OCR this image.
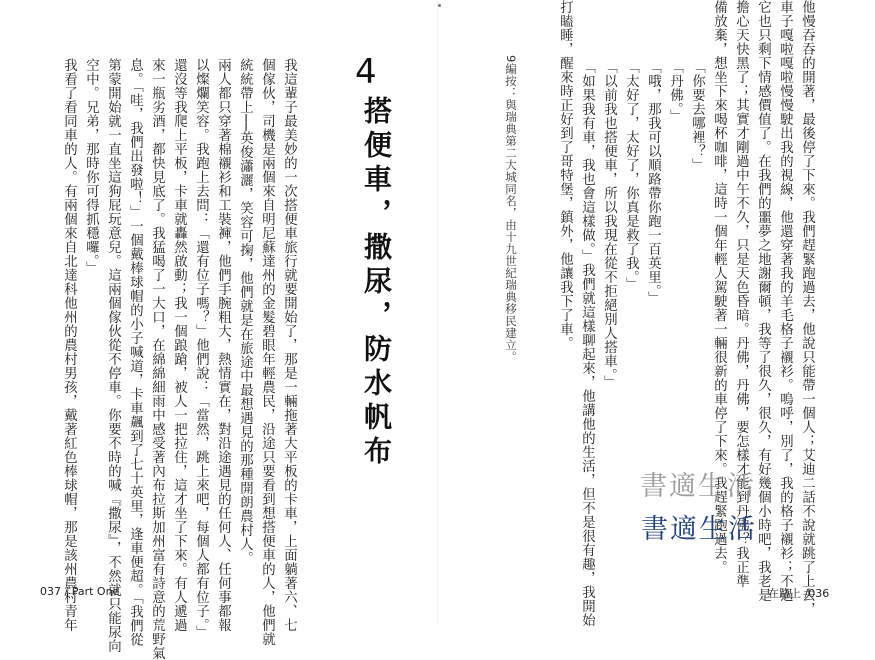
他慢吞吞的開著，最後停了下來。我們趕緊跑過去，他說只能帶一個人；艾迪二話不說就跳了上去，
車子嘎啦嘎啦慢慢駛出我的視線，他還穿著我的羊毛格子襯衫。嗚呼，別了，我的格子襯衫；不過
它也只剩下情感價值了。在我們的噩夢之地謝爾頓，我等了很久，很久，有好幾個小時吧，我老是
擔心天快黑了；其實才剛過中午不久，只是天色昏暗。丹佛，丹佛，要怎樣才能到丹佛？我正準
備放棄，想坐下來喝杯咖啡，這時一個年輕人駕駛著一輛很新的車停了下來。我趕緊跑過去。
「你要去哪裡？」
「丹佛。」
「哦，那我可以順路帶你跑一百英里。」
「太好了，太好了，你真是救了我。」
「以前我也搭便車，所以我現在從不拒絕別人搭車。」
「如果我有車，我也會這樣做。」我們就這樣聊起來，他講他的生活，但不是很有趣，我開始
打瞌睡，醒來時正好到了哥特堡，鎮外，他讓我下了車。
9編按：與瑞典第二大城同名，由十九世紀瑞典移民建立。
在路上 /036
4
搭便車，撒尿，防水帆布
我這輩子最美妙的一次搭便車旅行就要開始了，那是一輛拖著大平板的卡車，上面躺著六、七
個傢伙，司機是兩個來自明尼蘇達州的金髮碧眼年輕農民，沿途只要看到想搭便車的人，他們就
統統帶上──英俊瀟灑，笑容可掬，他們就是在旅途中最想遇見的那種開朗農村人。
兩人都只穿著棉襯衫和工裝褲，他們手腕粗大，熱情實在，對沿途遇見的任何人、任何事都報
以燦爛笑容。我跑上去問：「還有位子嗎？」他們說：「當然，跳上來吧，每個人都有位子。」
還沒等我爬上平板，卡車就轟然啟動；我一個踉蹌，被人一把拉住，這才坐了下來。有人遞過
來一瓶劣酒，都快見底了。我猛喝了一大口，在綿綿細雨中感受著內布拉斯加州富有詩意的荒野氣
息。「哇，我們出發啦！」一個戴棒球帽的小子喊道，卡車飆到了七十英里，逢車便超。「我們從
第蒙開始就一直坐這狗屁玩意兒。這兩個傢伙從不停車。你要不時的喊『撒尿』，不然就只能尿向
空中。兄弟，那時你可得抓穩囉。」
我看了看同車的人。有兩個來自北達科他州的農村男孩，戴著紅色棒球帽，那是該州農村青年
037 / Part One
書適生活
書適生活
